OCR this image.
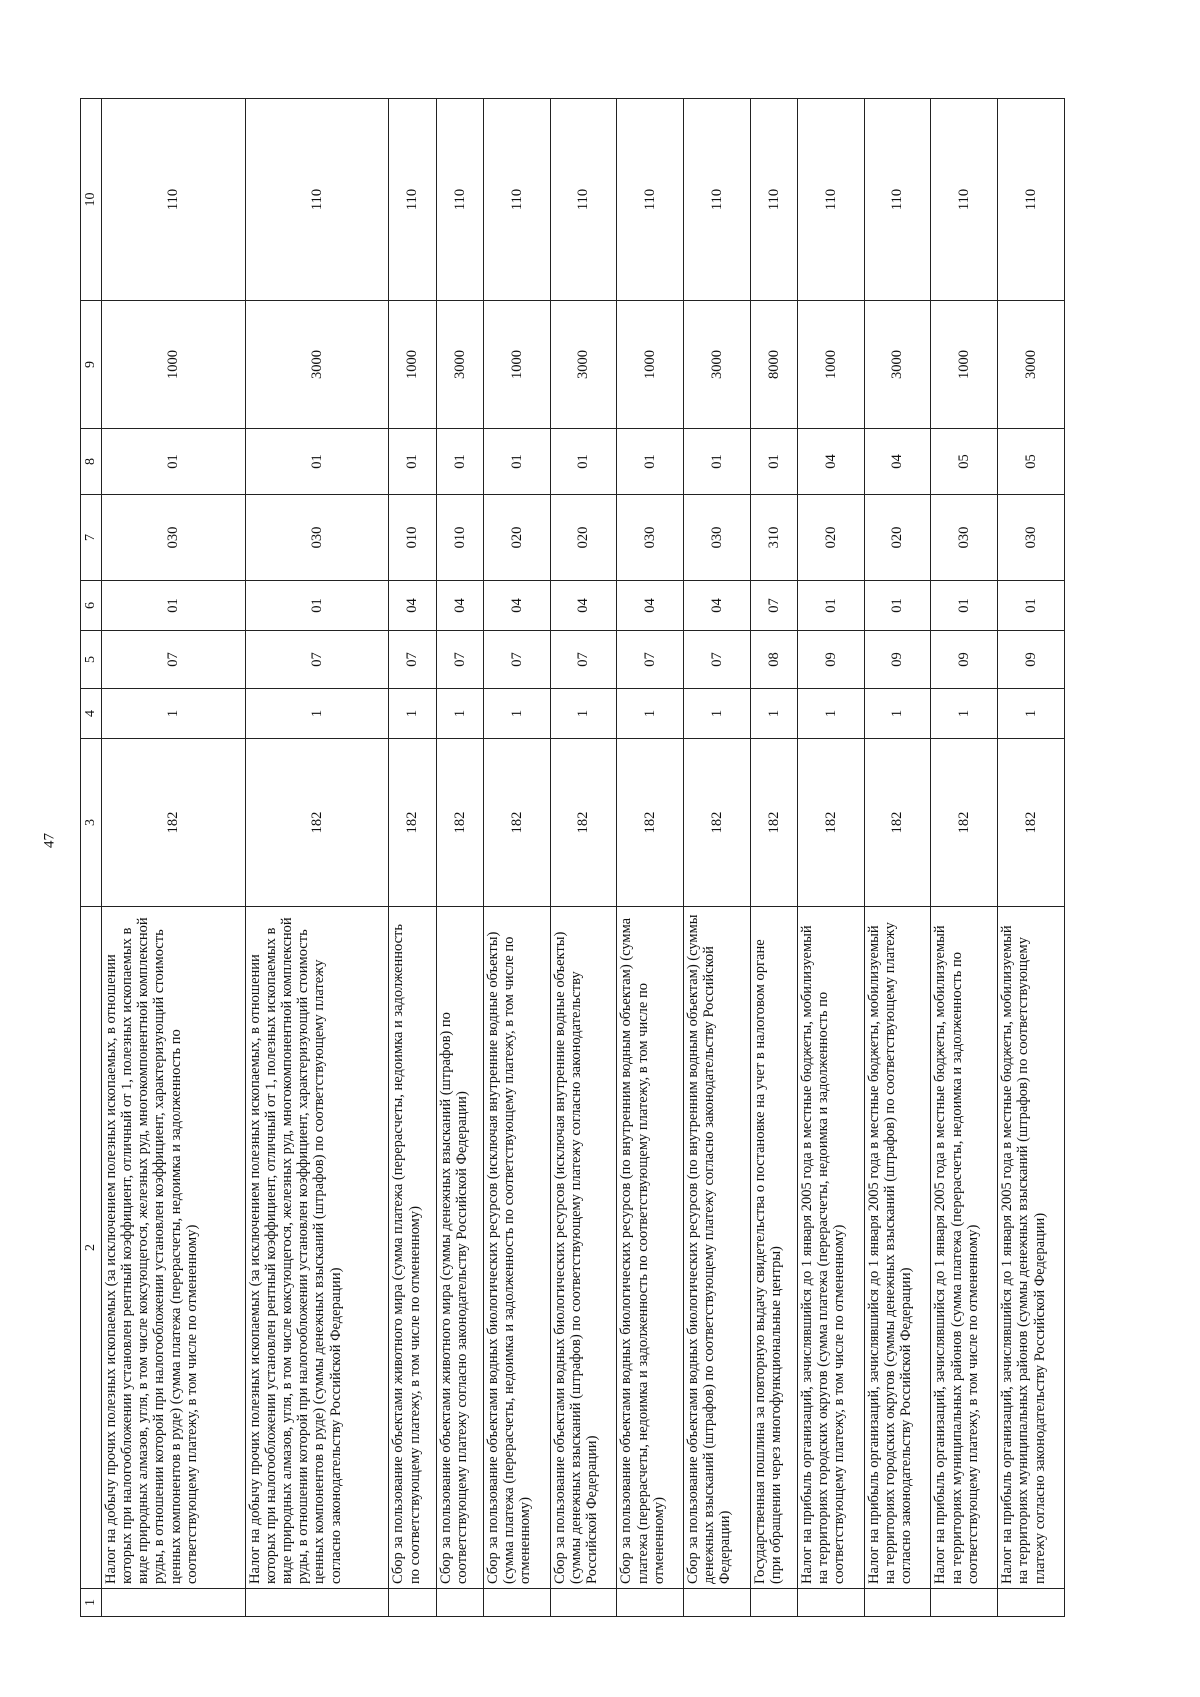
47
1	2	3	4	5	6	7	8	9	10
	Налог на добычу прочих полезных ископаемых (за исключением полезных ископаемых, в отношении которых при налогообложении установлен рентный коэффициент, отличный от 1, полезных ископаемых в виде природных алмазов, угля, в том числе коксующегося, железных руд, многокомпонентной комплексной руды, в отношении которой при налогообложении установлен коэффициент, характеризующий стоимость ценных компонентов в руде) (сумма платежа (перерасчеты, недоимка и задолженность по соответствующему платежу, в том числе по отмененному)	182	1	07	01	030	01	1000	110
	Налог на добычу прочих полезных ископаемых (за исключением полезных ископаемых, в отношении которых при налогообложении установлен рентный коэффициент, отличный от 1, полезных ископаемых в виде природных алмазов, угля, в том числе коксующегося, железных руд, многокомпонентной комплексной руды, в отношении которой при налогообложении установлен коэффициент, характеризующий стоимость ценных компонентов в руде) (суммы денежных взысканий (штрафов) по соответствующему платежу согласно законодательству Российской Федерации)	182	1	07	01	030	01	3000	110
	Сбор за пользование объектами животного мира (сумма платежа (перерасчеты, недоимка и задолженность по соответствующему платежу, в том числе по отмененному)	182	1	07	04	010	01	1000	110
	Сбор за пользование объектами животного мира (суммы денежных взысканий (штрафов) по соответствующему платежу согласно законодательству Российской Федерации)	182	1	07	04	010	01	3000	110
	Сбор за пользование объектами водных биологических ресурсов (исключая внутренние водные объекты) (сумма платежа (перерасчеты, недоимка и задолженность по соответствующему платежу, в том числе по отмененному)	182	1	07	04	020	01	1000	110
	Сбор за пользование объектами водных биологических ресурсов (исключая внутренние водные объекты) (суммы денежных взысканий (штрафов) по соответствующему платежу согласно законодательству Российской Федерации)	182	1	07	04	020	01	3000	110
	Сбор за пользование объектами водных биологических ресурсов (по внутренним водным объектам) (сумма платежа (перерасчеты, недоимка и задолженность по соответствующему платежу, в том числе по отмененному)	182	1	07	04	030	01	1000	110
	Сбор за пользование объектами водных биологических ресурсов (по внутренним водным объектам) (суммы денежных взысканий (штрафов) по соответствующему платежу согласно законодательству Российской Федерации)	182	1	07	04	030	01	3000	110
	Государственная пошлина за повторную выдачу свидетельства о постановке на учет в налоговом органе (при обращении через многофункциональные центры)	182	1	08	07	310	01	8000	110
	Налог на прибыль организаций, зачислявшийся до 1 января 2005 года в местные бюджеты, мобилизуемый на территориях городских округов (сумма платежа (перерасчеты, недоимка и задолженность по соответствующему платежу, в том числе по отмененному)	182	1	09	01	020	04	1000	110
	Налог на прибыль организаций, зачислявшийся до 1 января 2005 года в местные бюджеты, мобилизуемый на территориях городских округов (суммы денежных взысканий (штрафов) по соответствующему платежу согласно законодательству Российской Федерации)	182	1	09	01	020	04	3000	110
	Налог на прибыль организаций, зачислявшийся до 1 января 2005 года в местные бюджеты, мобилизуемый на территориях муниципальных районов (сумма платежа (перерасчеты, недоимка и задолженность по соответствующему платежу, в том числе по отмененному)	182	1	09	01	030	05	1000	110
	Налог на прибыль организаций, зачислявшийся до 1 января 2005 года в местные бюджеты, мобилизуемый на территориях муниципальных районов (суммы денежных взысканий (штрафов) по соответствующему платежу согласно законодательству Российской Федерации)	182	1	09	01	030	05	3000	110
